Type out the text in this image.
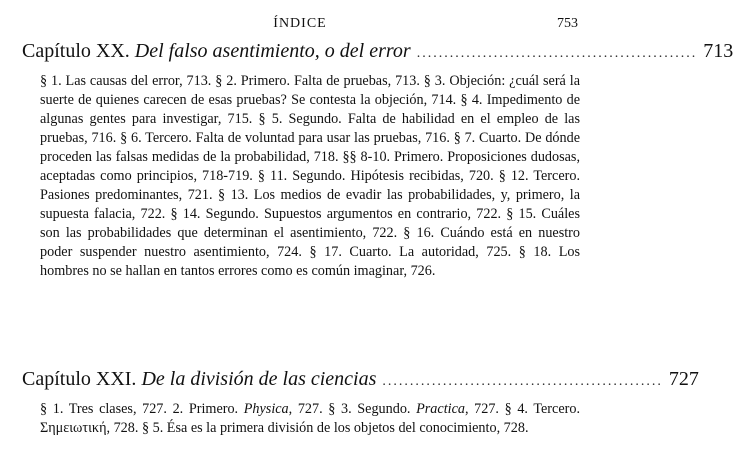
ÍNDICE	753
Capítulo XX. Del falso asentimiento, o del error ................................................... 713
§ 1. Las causas del error, 713. § 2. Primero. Falta de pruebas, 713. § 3. Objeción: ¿cuál será la suerte de quienes carecen de esas pruebas? Se contesta la objeción, 714. § 4. Impedimento de algunas gentes para investigar, 715. § 5. Segundo. Falta de habilidad en el empleo de las pruebas, 716. § 6. Tercero. Falta de voluntad para usar las pruebas, 716. § 7. Cuarto. De dónde proceden las falsas medidas de la probabilidad, 718. §§ 8-10. Primero. Proposiciones dudosas, aceptadas como principios, 718-719. § 11. Segundo. Hipótesis recibidas, 720. § 12. Tercero. Pasiones predominantes, 721. § 13. Los medios de evadir las probabilidades, y, primero, la supuesta falacia, 722. § 14. Segundo. Supuestos argumentos en contrario, 722. § 15. Cuáles son las probabilidades que determinan el asentimiento, 722. § 16. Cuándo está en nuestro poder suspender nuestro asentimiento, 724. § 17. Cuarto. La autoridad, 725. § 18. Los hombres no se hallan en tantos errores como es común imaginar, 726.
Capítulo XXI. De la división de las ciencias ................................................... 727
§ 1. Tres clases, 727. 2. Primero. Physica, 727. § 3. Segundo. Practica, 727. § 4. Tercero. Σημειωτική, 728. § 5. Ésa es la primera división de los objetos del conocimiento, 728.
